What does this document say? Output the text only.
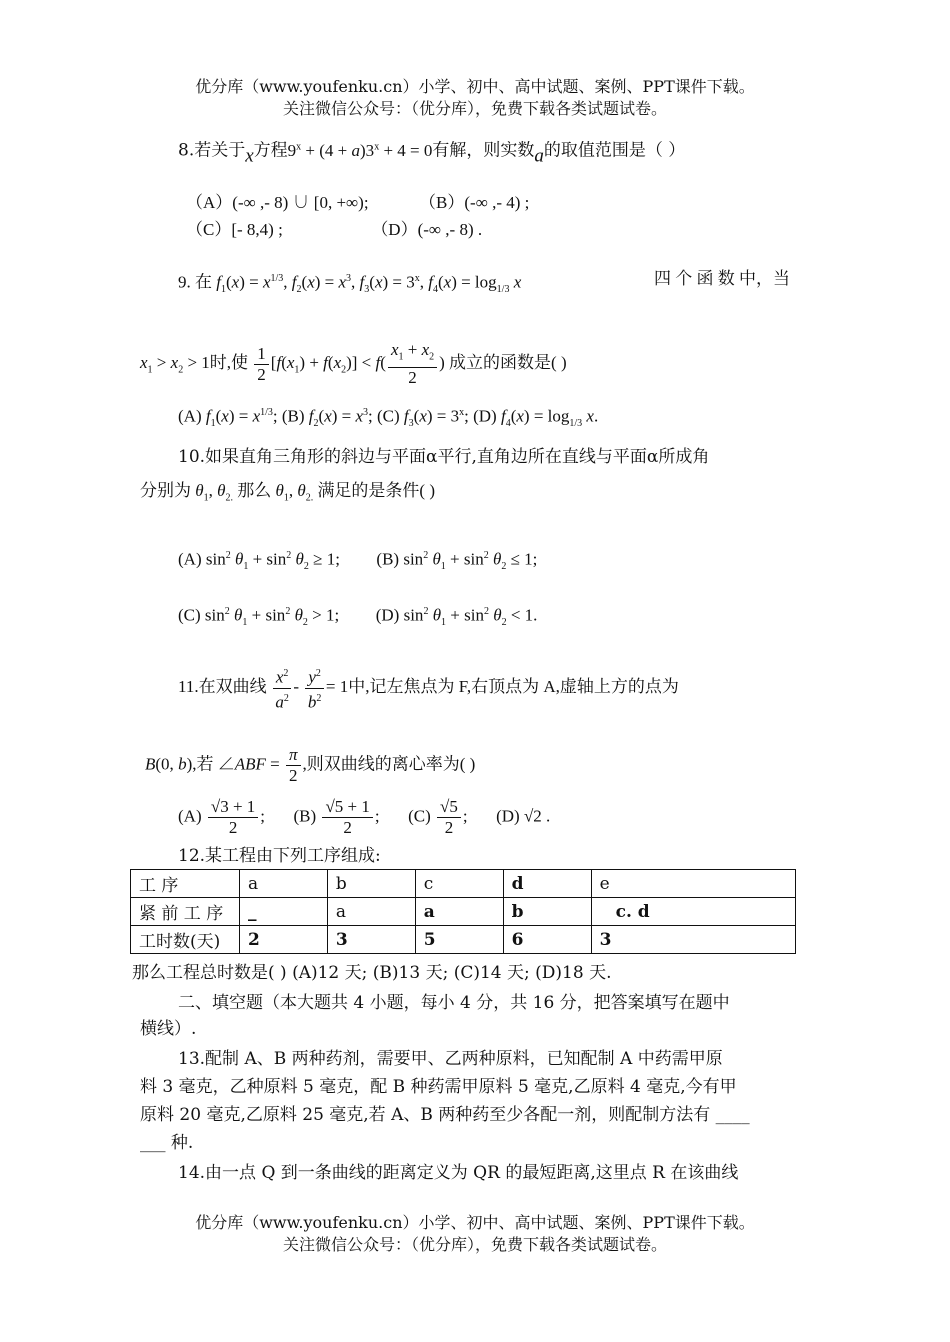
优分库（www.youfenku.cn）小学、初中、高中试题、案例、PPT课件下载。
关注微信公众号：（优分库），免费下载各类试题试卷。
8.若关于x方程$9^x + (4 + a)3^x + 4 = 0$有解，则实数a的取值范围是（ ）
（A）(-∞ ,- 8) ∪ [0, +∞);	（B）(-∞ ,- 4) ;
（C）[- 8,4) ;	（D）(-∞ ,- 8) .
9. 在 $f_1(x) = x^{1/3}$, $f_2(x) = x^3$, $f_3(x) = 3^x$, $f_4(x) = \log_{1/3} x$	四 个 函 数 中，当
$x_1 > x_2 > 1$时,使 $\frac{1}{2} [f(x_1) + f(x_2)] < f( \frac{x_1 + x_2}{2}$ ) 成立的函数是( )
(A) $f_1(x) = x^{1/3}$; (B) $f_2(x) = x^3$; (C) $f_3(x) = 3^x$; (D) $f_4(x) = \log_{1/3} x$.
10.如果直角三角形的斜边与平面α平行,直角边所在直线与平面α所成角
分别为 $\theta_1$, $\theta_{2.}$ 那么 $\theta_1$, $\theta_{2.}$ 满足的是条件( )
(A) $\sin^2 \theta_1 + \sin^2 \theta_2 \ge 1$;  (B) $\sin^2 \theta_1 + \sin^2 \theta_2 \le 1$;
(C) $\sin^2 \theta_1 + \sin^2 \theta_2 > 1$;  (D) $\sin^2 \theta_1 + \sin^2 \theta_2 < 1$.
11.在双曲线 $\frac{x^2}{a^2} - \frac{y^2}{b^2} = 1$中,记左焦点为 F,右顶点为 A,虚轴上方的点为
B(0, b),若 ∠ABF = $\frac{\pi}{2}$ ,则双曲线的离心率为( )
$(A) \frac{√3 + 1}{2}$ ;  $(B) \frac{√5 + 1}{2}$ ;  $(C) \frac{√5}{2}$ ;  (D) √2 .
12.某工程由下列工序组成:
工 序	a	b	c	d	e
紧 前 工 序	_	a	a	b	c. d
工时数(天)	2	3	5	6	3
那么工程总时数是( ) (A)12 天; (B)13 天; (C)14 天; (D)18 天.
二、填空题（本大题共 4 小题，每小 4 分，共 16 分，把答案填写在题中
横线）.
13.配制 A、B 两种药剂，需要甲、乙两种原料，已知配制 A 中药需甲原
料 3 毫克，乙种原料 5 毫克，配 B 种药需甲原料 5 毫克,乙原料 4 毫克,今有甲
原料 20 毫克,乙原料 25 毫克,若 A、B 两种药至少各配一剂，则配制方法有 ____
___ 种.
14.由一点 Q 到一条曲线的距离定义为 QR 的最短距离,这里点 R 在该曲线
优分库（www.youfenku.cn）小学、初中、高中试题、案例、PPT课件下载。
关注微信公众号：（优分库），免费下载各类试题试卷。
